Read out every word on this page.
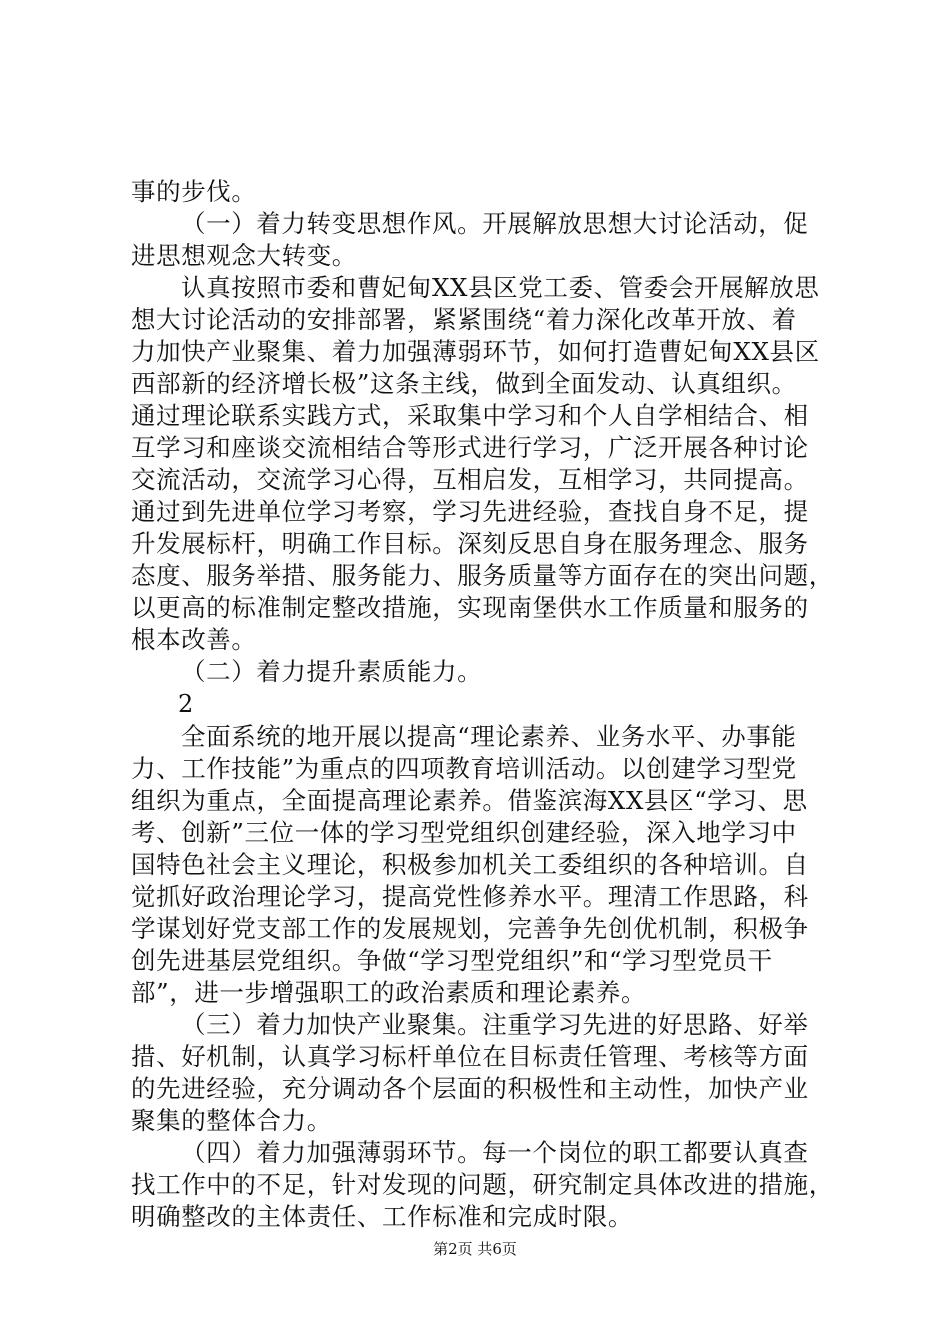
事的步伐。
（一）着力转变思想作风。开展解放思想大讨论活动，促
进思想观念大转变。
认真按照市委和曹妃甸XX县区党工委、管委会开展解放思
想大讨论活动的安排部署，紧紧围绕“着力深化改革开放、着
力加快产业聚集、着力加强薄弱环节，如何打造曹妃甸XX县区
西部新的经济增长极”这条主线，做到全面发动、认真组织。
通过理论联系实践方式，采取集中学习和个人自学相结合、相
互学习和座谈交流相结合等形式进行学习，广泛开展各种讨论
交流活动，交流学习心得，互相启发，互相学习，共同提高。
通过到先进单位学习考察，学习先进经验，查找自身不足，提
升发展标杆，明确工作目标。深刻反思自身在服务理念、服务
态度、服务举措、服务能力、服务质量等方面存在的突出问题，
以更高的标准制定整改措施，实现南堡供水工作质量和服务的
根本改善。
（二）着力提升素质能力。
2
全面系统的地开展以提高“理论素养、业务水平、办事能
力、工作技能”为重点的四项教育培训活动。以创建学习型党
组织为重点，全面提高理论素养。借鉴滨海XX县区“学习、思
考、创新”三位一体的学习型党组织创建经验，深入地学习中
国特色社会主义理论，积极参加机关工委组织的各种培训。自
觉抓好政治理论学习，提高党性修养水平。理清工作思路，科
学谋划好党支部工作的发展规划，完善争先创优机制，积极争
创先进基层党组织。争做“学习型党组织”和“学习型党员干
部”，进一步增强职工的政治素质和理论素养。
（三）着力加快产业聚集。注重学习先进的好思路、好举
措、好机制，认真学习标杆单位在目标责任管理、考核等方面
的先进经验，充分调动各个层面的积极性和主动性，加快产业
聚集的整体合力。
（四）着力加强薄弱环节。每一个岗位的职工都要认真查
找工作中的不足，针对发现的问题，研究制定具体改进的措施，
明确整改的主体责任、工作标准和完成时限。
第2页 共6页
